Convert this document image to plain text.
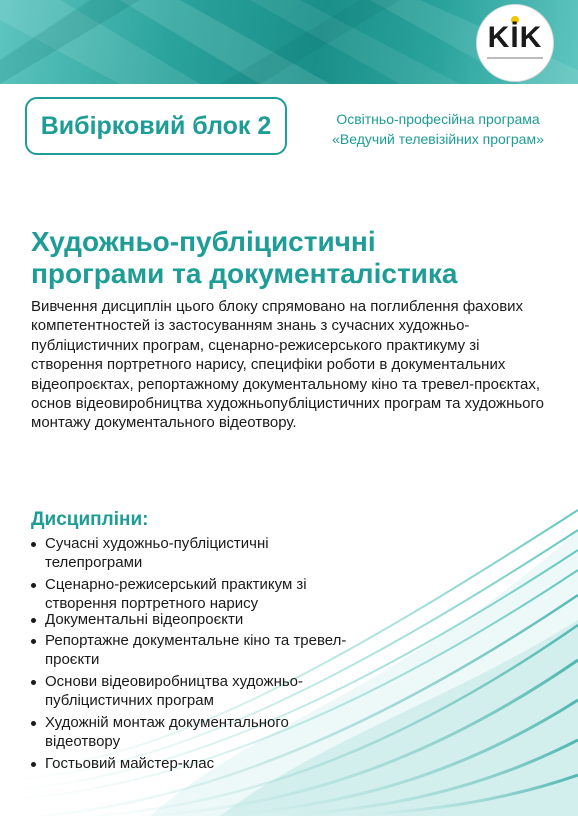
KİK
Вибірковий блок 2	Освітньо-професійна програма
«Ведучий телевізійних програм»
Художньо-публіцистичні
програми та документалістика
Вивчення дисциплін цього блоку спрямовано на поглиблення фахових компетентностей із застосуванням знань з сучасних художньо-публіцистичних програм, сценарно-режисерського практикуму зі створення портретного нарису, специфіки роботи в документальних відеопроєктах, репортажному документальному кіно та тревел-проєктах, основ відеовиробництва художньопубліцистичних програм та художнього монтажу документального відеотвору.
Дисципліни:
Сучасні художньо-публіцистичні
телепрограми
Сценарно-режисерський практикум зі
створення портретного нарису
Документальні відеопроєкти
Репортажне документальне кіно та тревел-
проєкти
Основи відеовиробництва художньо-
публіцистичних програм
Художній монтаж документального
відеотвору
Гостьовий майстер-клас
